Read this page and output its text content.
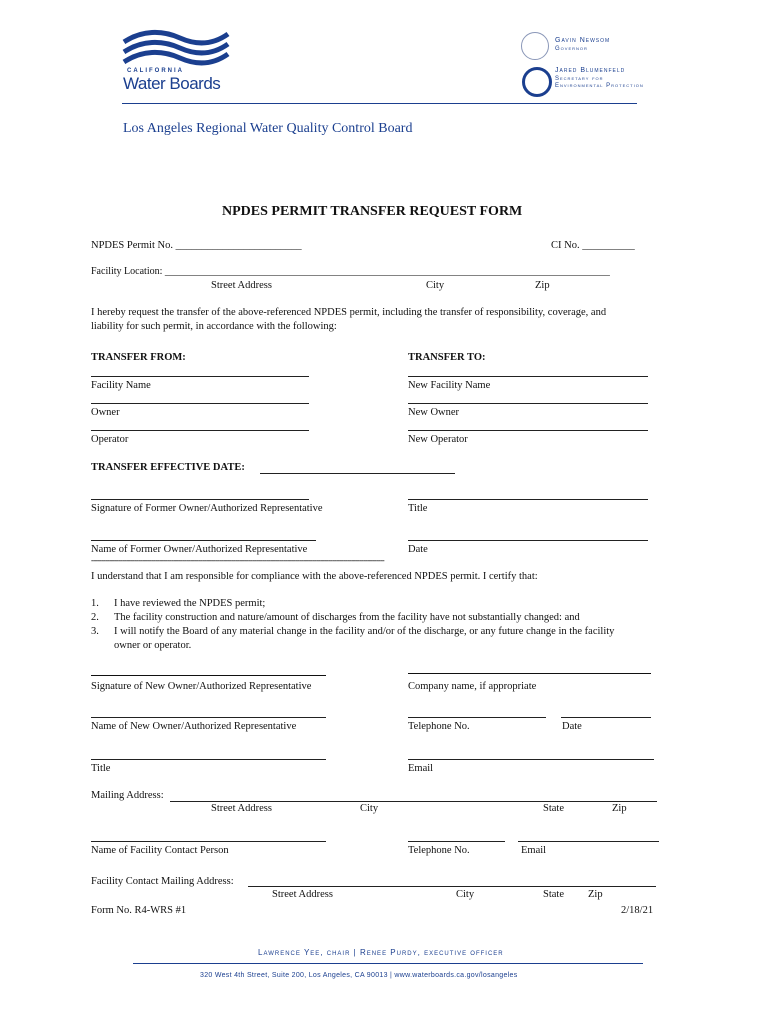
CALIFORNIA
Water Boards
Gavin Newsom
Governor
Jared Blumenfeld
Secretary for
Environmental Protection
Los Angeles Regional Water Quality Control Board
NPDES PERMIT TRANSFER REQUEST FORM
NPDES Permit No. ________________________	CI No. __________
Facility Location: _________________________________________________________________________________________
Street Address	City	Zip
I hereby request the transfer of the above-referenced NPDES permit, including the transfer of responsibility, coverage, and
liability for such permit, in accordance with the following:
TRANSFER FROM:	TRANSFER TO:
Facility Name	New Facility Name
Owner	New Owner
Operator	New Operator
TRANSFER EFFECTIVE DATE:
Signature of Former Owner/Authorized Representative	Title
Name of Former Owner/Authorized Representative	Date
----------------------------------------------------------------------------------------------------------------------------------------------
I understand that I am responsible for compliance with the above-referenced NPDES permit. I certify that:
1. I have reviewed the NPDES permit;
2. The facility construction and nature/amount of discharges from the facility have not substantially changed: and
3. I will notify the Board of any material change in the facility and/or of the discharge, or any future change in the facility
owner or operator.
Signature of New Owner/Authorized Representative	Company name, if appropriate
Name of New Owner/Authorized Representative	Telephone No.	Date
Title	Email
Mailing Address:
Street Address	City	State	Zip
Name of Facility Contact Person	Telephone No.	Email
Facility Contact Mailing Address:
Street Address	City	State Zip
Form No. R4-WRS #1	2/18/21
Lawrence Yee, chair | Renee Purdy, executive officer
320 West 4th Street, Suite 200, Los Angeles, CA 90013 | www.waterboards.ca.gov/losangeles
